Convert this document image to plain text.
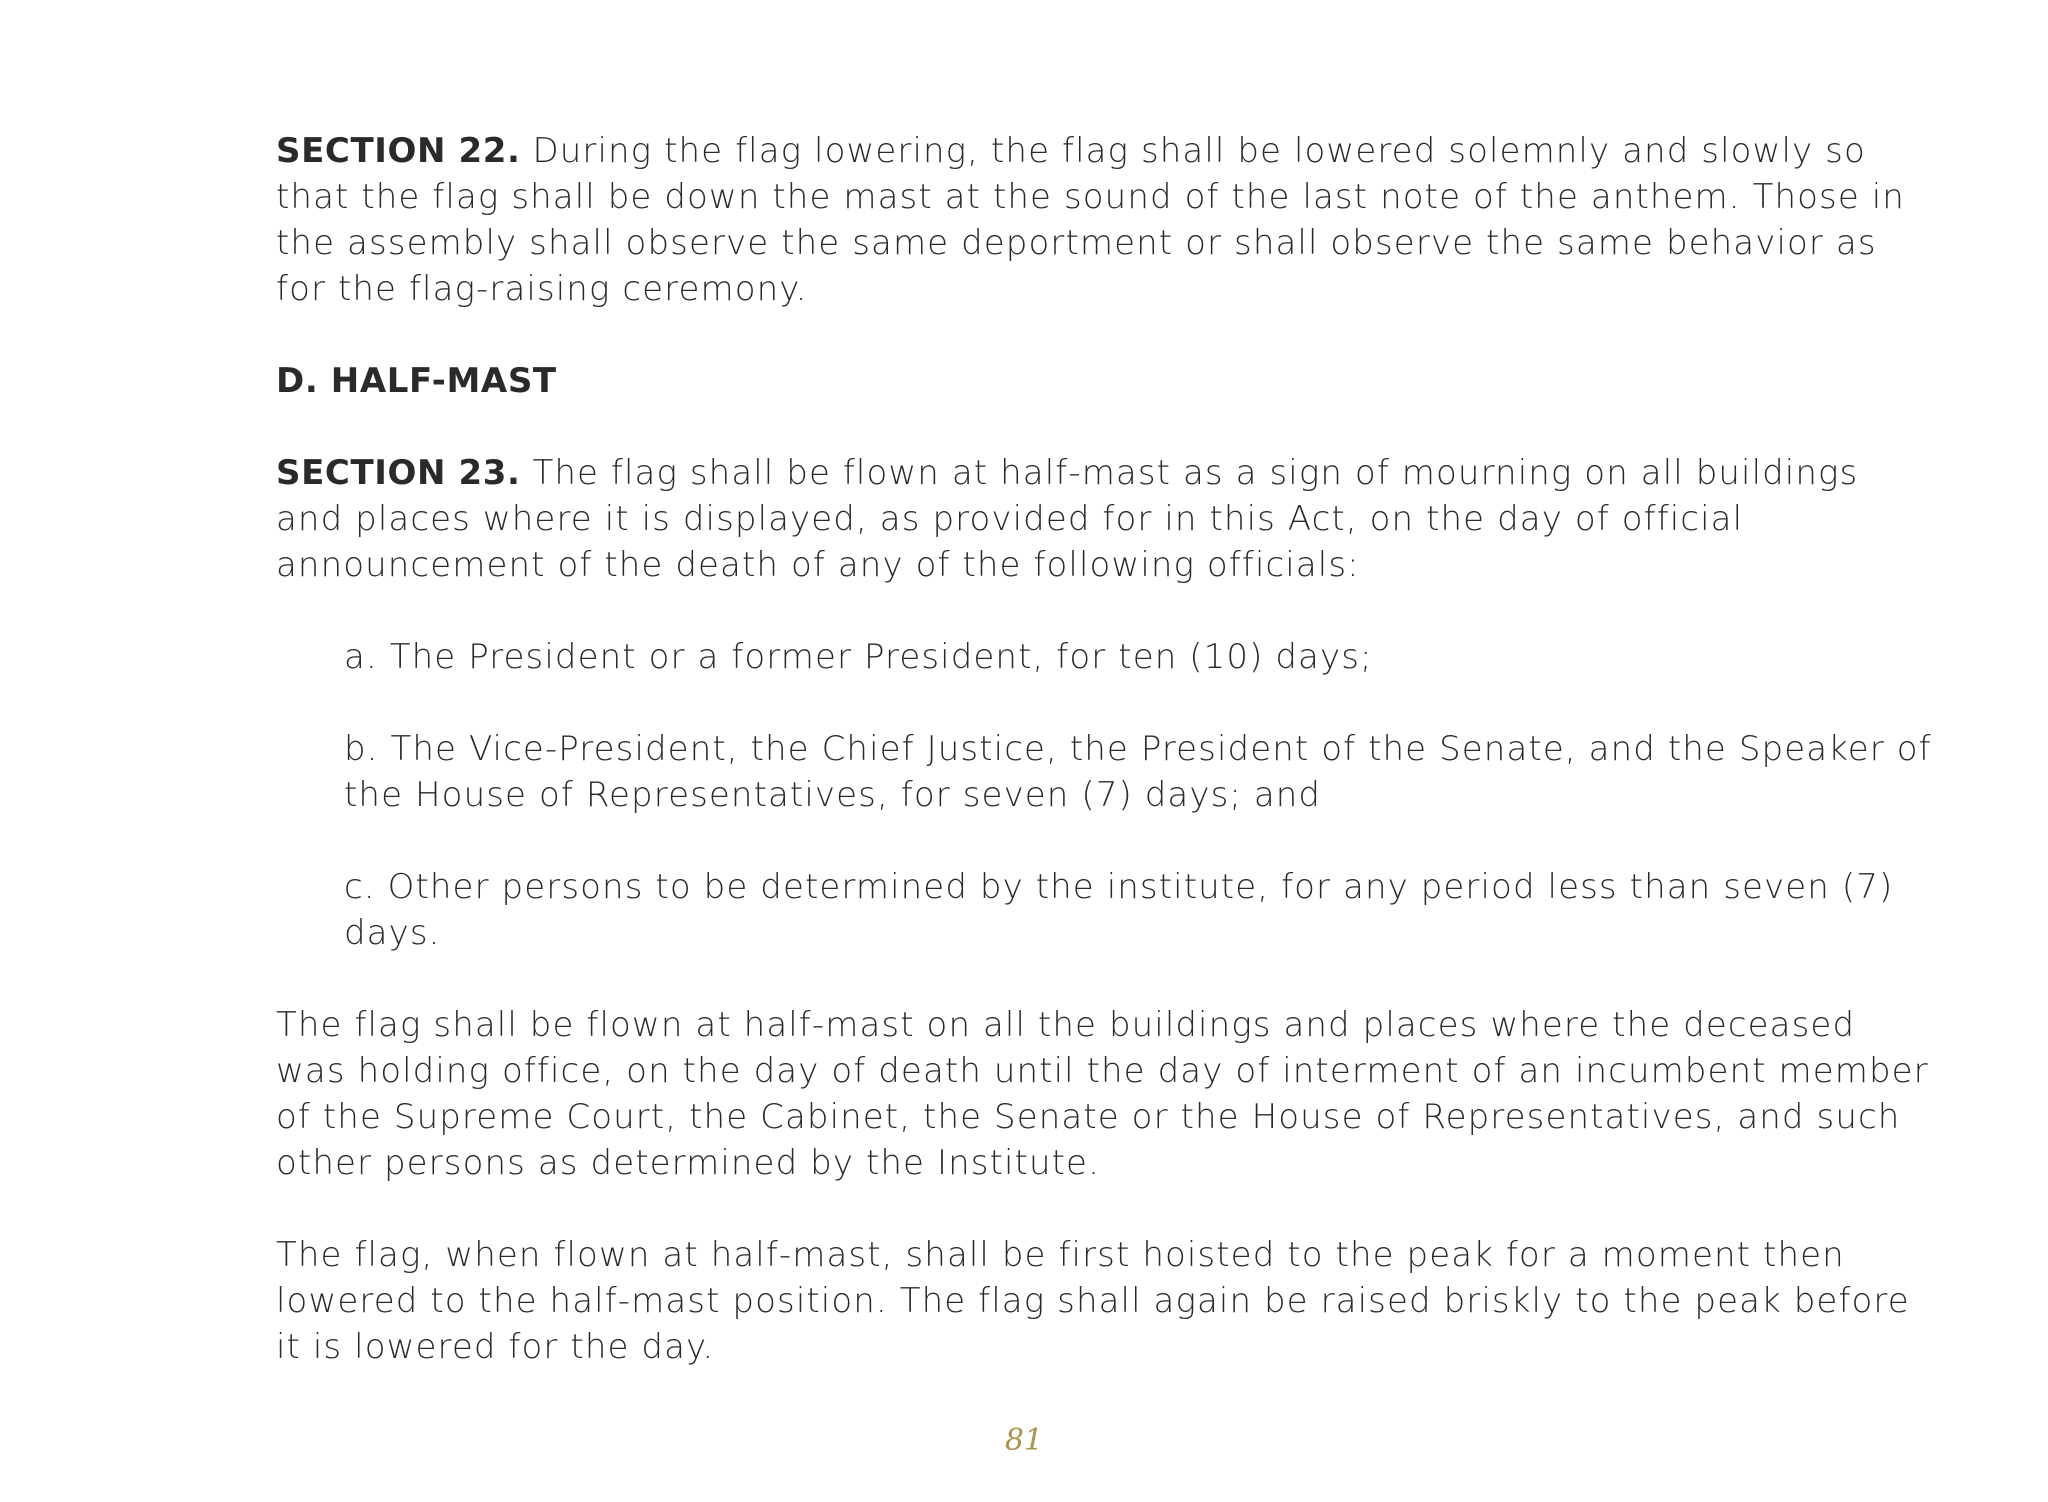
SECTION 22. During the flag lowering, the flag shall be lowered solemnly and slowly so that the flag shall be down the mast at the sound of the last note of the anthem. Those in the assembly shall observe the same deportment or shall observe the same behavior as for the flag-raising ceremony.

D. HALF-MAST

SECTION 23. The flag shall be flown at half-mast as a sign of mourning on all buildings and places where it is displayed, as provided for in this Act, on the day of official announcement of the death of any of the following officials:

a. The President or a former President, for ten (10) days;

b. The Vice-President, the Chief Justice, the President of the Senate, and the Speaker of the House of Representatives, for seven (7) days; and

c. Other persons to be determined by the institute, for any period less than seven (7) days.

The flag shall be flown at half-mast on all the buildings and places where the deceased was holding office, on the day of death until the day of interment of an incumbent member of the Supreme Court, the Cabinet, the Senate or the House of Representatives, and such other persons as determined by the Institute.

The flag, when flown at half-mast, shall be first hoisted to the peak for a moment then lowered to the half-mast position. The flag shall again be raised briskly to the peak before it is lowered for the day.

81
